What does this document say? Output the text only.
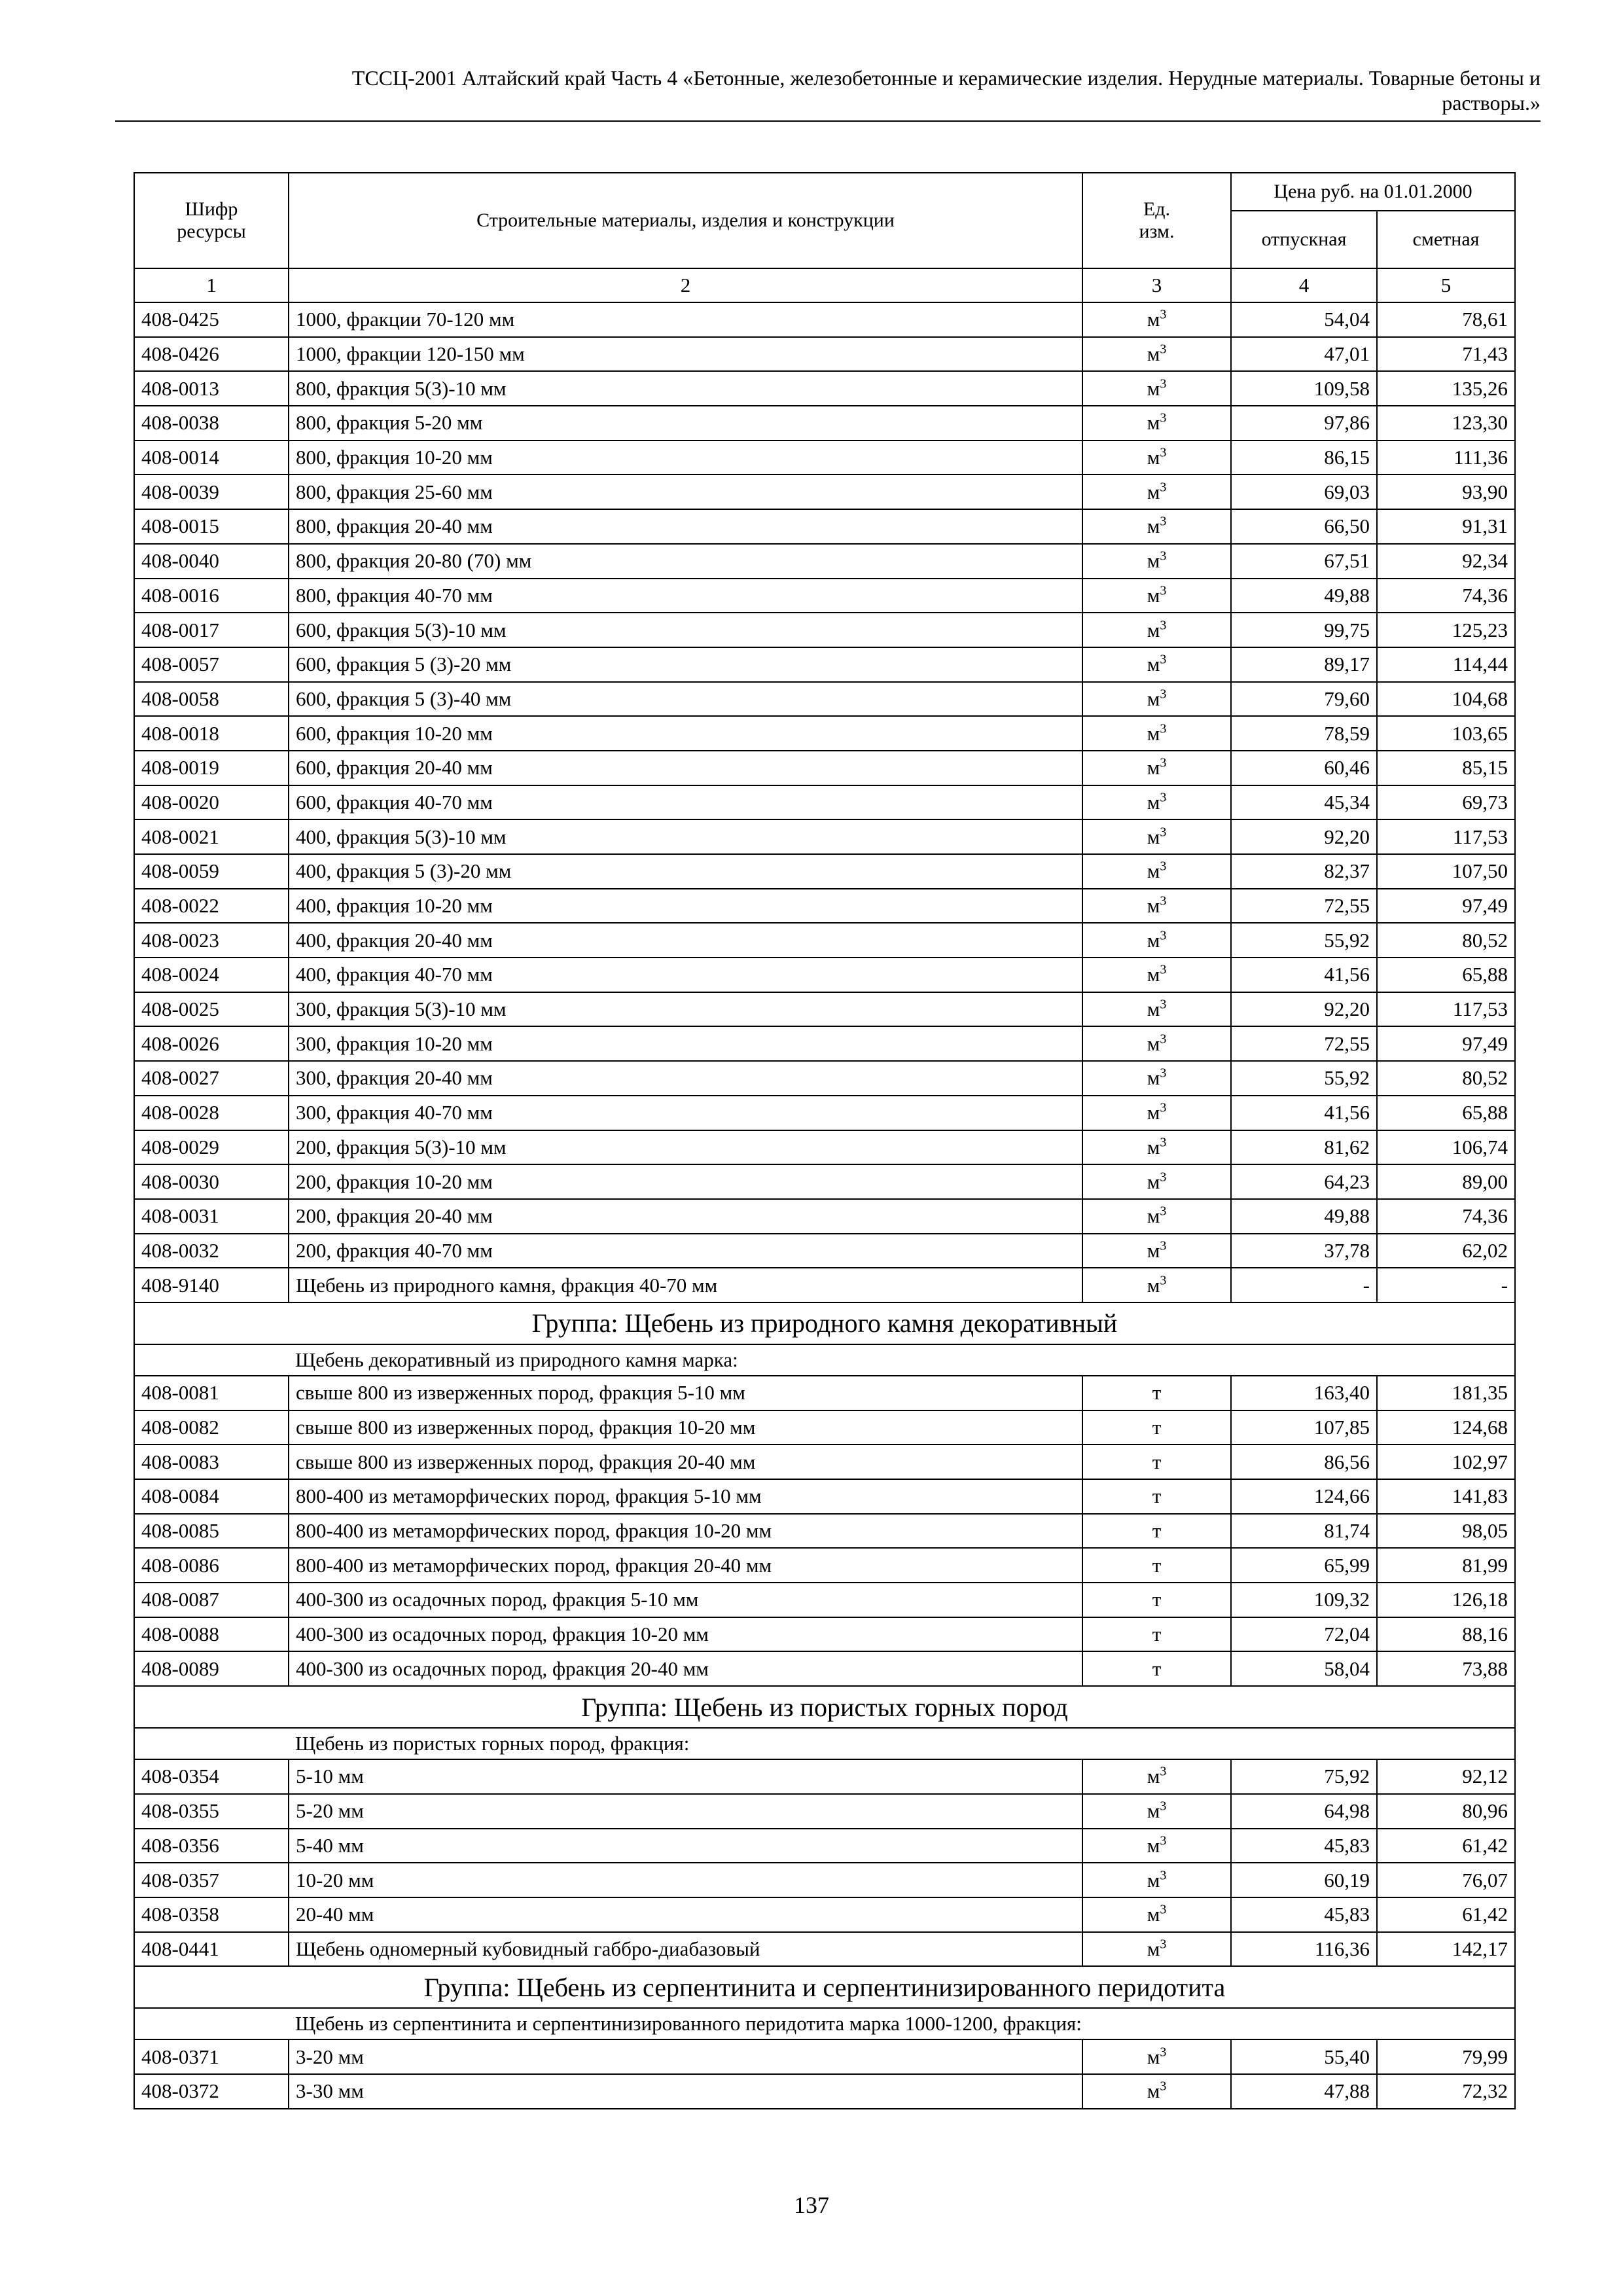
ТССЦ-2001 Алтайский край Часть 4 «Бетонные, железобетонные и керамические изделия. Нерудные материалы. Товарные бетоны и
растворы.»
Шифр ресурсы	Строительные материалы, изделия и конструкции	Ед. изм.	Цена руб. на 01.01.2000	
			отпускная	сметная
1	2	3	4	5
408-0425	1000, фракции 70-120 мм	$м^3$	54,04	78,61
408-0426	1000, фракции 120-150 мм	$м^3$	47,01	71,43
408-0013	800, фракция 5(3)-10 мм	$м^3$	109,58	135,26
408-0038	800, фракция 5-20 мм	$м^3$	97,86	123,30
408-0014	800, фракция 10-20 мм	$м^3$	86,15	111,36
408-0039	800, фракция 25-60 мм	$м^3$	69,03	93,90
408-0015	800, фракция 20-40 мм	$м^3$	66,50	91,31
408-0040	800, фракция 20-80 (70) мм	$м^3$	67,51	92,34
408-0016	800, фракция 40-70 мм	$м^3$	49,88	74,36
408-0017	600, фракция 5(3)-10 мм	$м^3$	99,75	125,23
408-0057	600, фракция 5 (3)-20 мм	$м^3$	89,17	114,44
408-0058	600, фракция 5 (3)-40 мм	$м^3$	79,60	104,68
408-0018	600, фракция 10-20 мм	$м^3$	78,59	103,65
408-0019	600, фракция 20-40 мм	$м^3$	60,46	85,15
408-0020	600, фракция 40-70 мм	$м^3$	45,34	69,73
408-0021	400, фракция 5(3)-10 мм	$м^3$	92,20	117,53
408-0059	400, фракция 5 (3)-20 мм	$м^3$	82,37	107,50
408-0022	400, фракция 10-20 мм	$м^3$	72,55	97,49
408-0023	400, фракция 20-40 мм	$м^3$	55,92	80,52
408-0024	400, фракция 40-70 мм	$м^3$	41,56	65,88
408-0025	300, фракция 5(3)-10 мм	$м^3$	92,20	117,53
408-0026	300, фракция 10-20 мм	$м^3$	72,55	97,49
408-0027	300, фракция 20-40 мм	$м^3$	55,92	80,52
408-0028	300, фракция 40-70 мм	$м^3$	41,56	65,88
408-0029	200, фракция 5(3)-10 мм	$м^3$	81,62	106,74
408-0030	200, фракция 10-20 мм	$м^3$	64,23	89,00
408-0031	200, фракция 20-40 мм	$м^3$	49,88	74,36
408-0032	200, фракция 40-70 мм	$м^3$	37,78	62,02
408-9140	Щебень из природного камня, фракция 40-70 мм	$м^3$	-	-
Группа: Щебень из природного камня декоративный				
	Щебень декоративный из природного камня марка:			
408-0081	свыше 800 из изверженных пород, фракция 5-10 мм	т	163,40	181,35
408-0082	свыше 800 из изверженных пород, фракция 10-20 мм	т	107,85	124,68
408-0083	свыше 800 из изверженных пород, фракция 20-40 мм	т	86,56	102,97
408-0084	800-400 из метаморфических пород, фракция 5-10 мм	т	124,66	141,83
408-0085	800-400 из метаморфических пород, фракция 10-20 мм	т	81,74	98,05
408-0086	800-400 из метаморфических пород, фракция 20-40 мм	т	65,99	81,99
408-0087	400-300 из осадочных пород, фракция 5-10 мм	т	109,32	126,18
408-0088	400-300 из осадочных пород, фракция 10-20 мм	т	72,04	88,16
408-0089	400-300 из осадочных пород, фракция 20-40 мм	т	58,04	73,88
Группа: Щебень из пористых горных пород				
	Щебень из пористых горных пород, фракция:			
408-0354	5-10 мм	$м^3$	75,92	92,12
408-0355	5-20 мм	$м^3$	64,98	80,96
408-0356	5-40 мм	$м^3$	45,83	61,42
408-0357	10-20 мм	$м^3$	60,19	76,07
408-0358	20-40 мм	$м^3$	45,83	61,42
408-0441	Щебень одномерный кубовидный габбро-диабазовый	$м^3$	116,36	142,17
Группа: Щебень из серпентинита и серпентинизированного перидотита				
	Щебень из серпентинита и серпентинизированного перидотита марка 1000-1200, фракция:			
408-0371	3-20 мм	$м^3$	55,40	79,99
408-0372	3-30 мм	$м^3$	47,88	72,32
137
